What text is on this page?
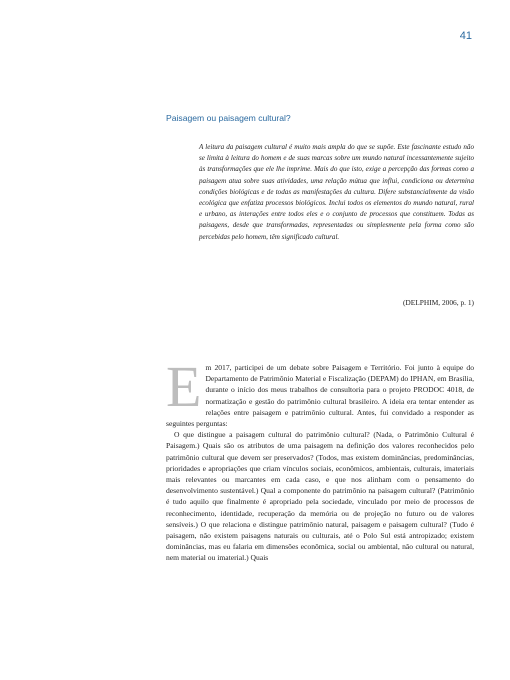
41
Paisagem ou paisagem cultural?
A leitura da paisagem cultural é muito mais ampla do que se supõe. Este fascinante estudo não se limita à leitura do homem e de suas marcas sobre um mundo natural incessantemente sujeito às transformações que ele lhe imprime. Mais do que isto, exige a percepção das formas como a paisagem atua sobre suas atividades, uma relação mútua que influi, condiciona ou determina condições biológicas e de todas as manifestações da cultura. Difere substancialmente da visão ecológica que enfatiza processos biológicos. Inclui todos os elementos do mundo natural, rural e urbano, as interações entre todos eles e o conjunto de processos que constituem. Todas as paisagens, desde que transformadas, representadas ou simplesmente pela forma como são percebidas pelo homem, têm significado cultural.
(DELPHIM, 2006, p. 1)

Em 2017, participei de um debate sobre Paisagem e Território. Foi junto à equipe do Departamento de Patrimônio Material e Fiscalização (DEPAM) do IPHAN, em Brasília, durante o início dos meus trabalhos de consultoria para o projeto PRODOC 4018, de normatização e gestão do patrimônio cultural brasileiro. A ideia era tentar entender as relações entre paisagem e patrimônio cultural. Antes, fui convidado a responder as seguintes perguntas:

O que distingue a paisagem cultural do patrimônio cultural? (Nada, o Patrimônio Cultural é Paisagem.) Quais são os atributos de uma paisagem na definição dos valores reconhecidos pelo patrimônio cultural que devem ser preservados? (Todos, mas existem dominâncias, predominâncias, prioridades e apropriações que criam vínculos sociais, econômicos, ambientais, culturais, imateriais mais relevantes ou marcantes em cada caso, e que nos alinham com o pensamento do desenvolvimento sustentável.) Qual a componente do patrimônio na paisagem cultural? (Patrimônio é tudo aquilo que finalmente é apropriado pela sociedade, vinculado por meio de processos de reconhecimento, identidade, recuperação da memória ou de projeção no futuro ou de valores sensíveis.) O que relaciona e distingue patrimônio natural, paisagem e paisagem cultural? (Tudo é paisagem, não existem paisagens naturais ou culturais, até o Polo Sul está antropizado; existem dominâncias, mas eu falaria em dimensões econômica, social ou ambiental, não cultural ou natural, nem material ou imaterial.) Quais
